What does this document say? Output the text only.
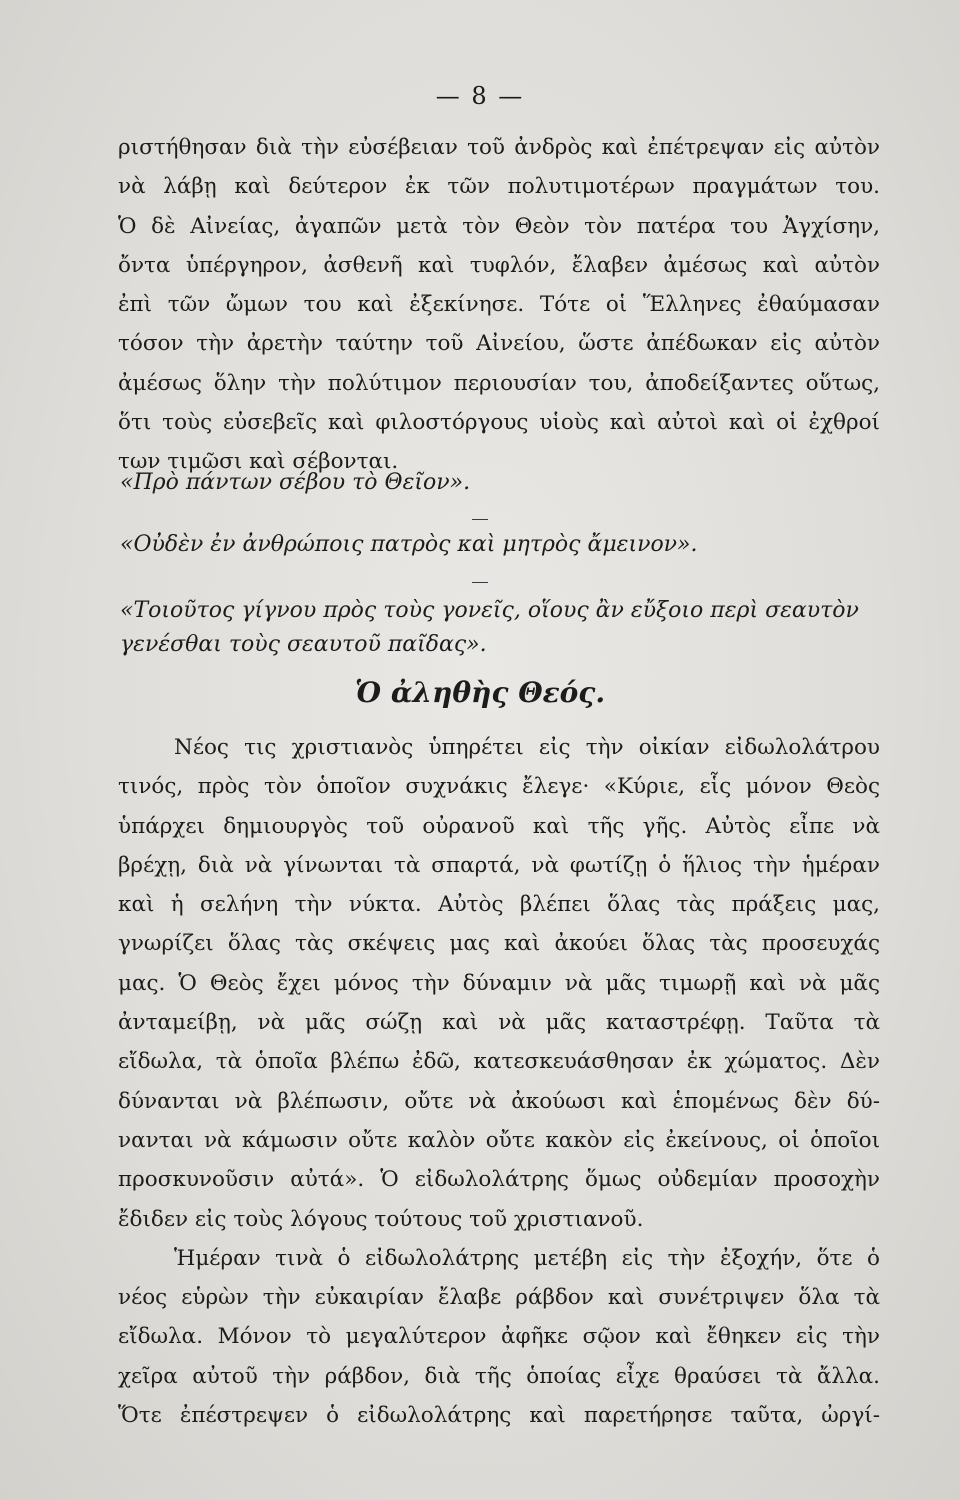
— 8 —
ριστήθησαν διὰ τὴν εὐσέβειαν τοῦ ἀνδρὸς καὶ ἐπέτρεψαν εἰς αὐτὸν
νὰ λάβῃ καὶ δεύτερον ἐκ τῶν πολυτιμοτέρων πραγμάτων του.
Ὁ δὲ Αἰνείας, ἀγαπῶν μετὰ τὸν Θεὸν τὸν πατέρα του Ἀγχίσην,
ὄντα ὑπέργηρον, ἀσθενῆ καὶ τυφλόν, ἔλαβεν ἀμέσως καὶ αὐτὸν
ἐπὶ τῶν ὤμων του καὶ ἐξεκίνησε. Τότε οἱ Ἕλληνες ἐθαύμασαν
τόσον τὴν ἀρετὴν ταύτην τοῦ Αἰνείου, ὥστε ἀπέδωκαν εἰς αὐτὸν
ἀμέσως ὅλην τὴν πολύτιμον περιουσίαν του, ἀποδείξαντες οὕτως,
ὅτι τοὺς εὐσεβεῖς καὶ φιλοστόργους υἱοὺς καὶ αὐτοὶ καὶ οἱ ἐχθροί
των τιμῶσι καὶ σέβονται.
«Πρὸ πάντων σέβου τὸ Θεῖον».
«Οὐδὲν ἐν ἀνθρώποις πατρὸς καὶ μητρὸς ἄμεινον».
«Τοιοῦτος γίγνου πρὸς τοὺς γονεῖς, οἵους ἂν εὔξοιο περὶ σεαυτὸν
γενέσθαι τοὺς σεαυτοῦ παῖδας».
Ὁ ἀληθὴς Θεός.
Νέος τις χριστιανὸς ὑπηρέτει εἰς τὴν οἰκίαν εἰδωλολάτρου
τινός, πρὸς τὸν ὁποῖον συχνάκις ἔλεγε· «Κύριε, εἷς μόνον Θεὸς
ὑπάρχει δημιουργὸς τοῦ οὐρανοῦ καὶ τῆς γῆς. Αὐτὸς εἶπε νὰ
βρέχῃ, διὰ νὰ γίνωνται τὰ σπαρτά, νὰ φωτίζῃ ὁ ἥλιος τὴν ἡμέραν
καὶ ἡ σελήνη τὴν νύκτα. Αὐτὸς βλέπει ὅλας τὰς πράξεις μας,
γνωρίζει ὅλας τὰς σκέψεις μας καὶ ἀκούει ὅλας τὰς προσευχάς
μας. Ὁ Θεὸς ἔχει μόνος τὴν δύναμιν νὰ μᾶς τιμωρῇ καὶ νὰ μᾶς
ἀνταμείβῃ, νὰ μᾶς σώζῃ καὶ νὰ μᾶς καταστρέφῃ. Ταῦτα τὰ
εἴδωλα, τὰ ὁποῖα βλέπω ἐδῶ, κατεσκευάσθησαν ἐκ χώματος. Δὲν
δύνανται νὰ βλέπωσιν, οὔτε νὰ ἀκούωσι καὶ ἑπομένως δὲν δύ-
νανται νὰ κάμωσιν οὔτε καλὸν οὔτε κακὸν εἰς ἐκείνους, οἱ ὁποῖοι
προσκυνοῦσιν αὐτά». Ὁ εἰδωλολάτρης ὅμως οὐδεμίαν προσοχὴν
ἔδιδεν εἰς τοὺς λόγους τούτους τοῦ χριστιανοῦ.
Ἡμέραν τινὰ ὁ εἰδωλολάτρης μετέβη εἰς τὴν ἐξοχήν, ὅτε ὁ
νέος εὑρὼν τὴν εὐκαιρίαν ἔλαβε ράβδον καὶ συνέτριψεν ὅλα τὰ
εἴδωλα. Μόνον τὸ μεγαλύτερον ἀφῆκε σῷον καὶ ἔθηκεν εἰς τὴν
χεῖρα αὐτοῦ τὴν ράβδον, διὰ τῆς ὁποίας εἶχε θραύσει τὰ ἄλλα.
Ὅτε ἐπέστρεψεν ὁ εἰδωλολάτρης καὶ παρετήρησε ταῦτα, ὠργί-
